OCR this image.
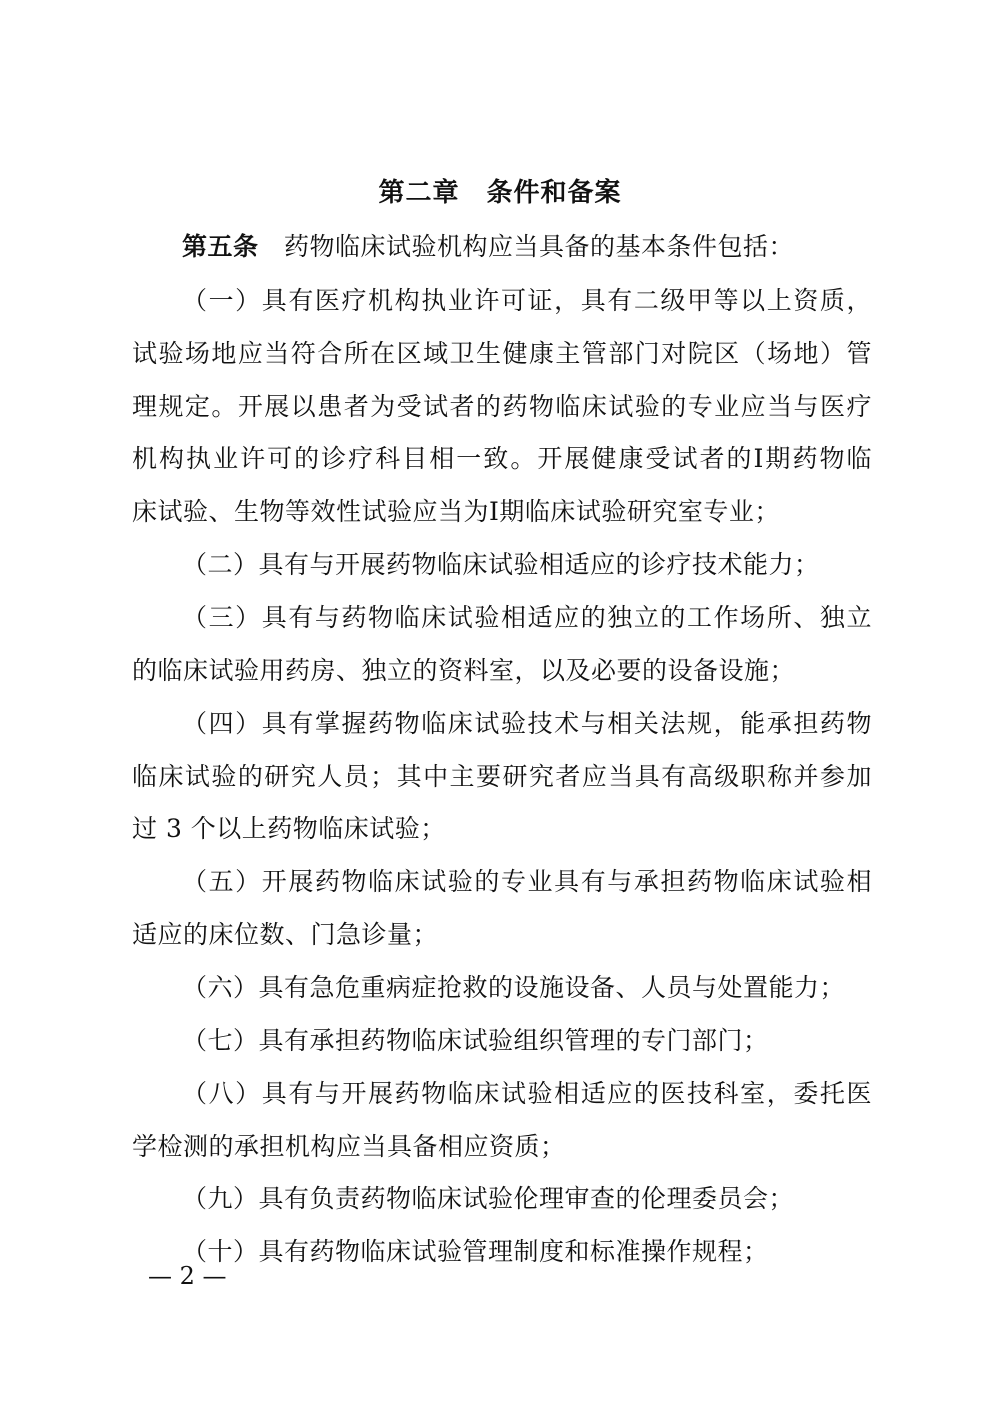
第二章　条件和备案
第五条　 药物临床试验机构应当具备的基本条件包括：
（一）具有医疗机构执业许可证，具有二级甲等以上资质，
试验场地应当符合所在区域卫生健康主管部门对院区（场地）管
理规定。开展以患者为受试者的药物临床试验的专业应当与医疗
机构执业许可的诊疗科目相一致。开展健康受试者的Ⅰ期药物临
床试验、生物等效性试验应当为Ⅰ期临床试验研究室专业；
（二）具有与开展药物临床试验相适应的诊疗技术能力；
（三）具有与药物临床试验相适应的独立的工作场所、独立
的临床试验用药房、独立的资料室，以及必要的设备设施；
（四）具有掌握药物临床试验技术与相关法规，能承担药物
临床试验的研究人员；其中主要研究者应当具有高级职称并参加
过 3 个以上药物临床试验；
（五）开展药物临床试验的专业具有与承担药物临床试验相
适应的床位数、门急诊量；
（六）具有急危重病症抢救的设施设备、人员与处置能力；
（七）具有承担药物临床试验组织管理的专门部门；
（八）具有与开展药物临床试验相适应的医技科室，委托医
学检测的承担机构应当具备相应资质；
（九）具有负责药物临床试验伦理审查的伦理委员会；
（十）具有药物临床试验管理制度和标准操作规程；
— 2 —
